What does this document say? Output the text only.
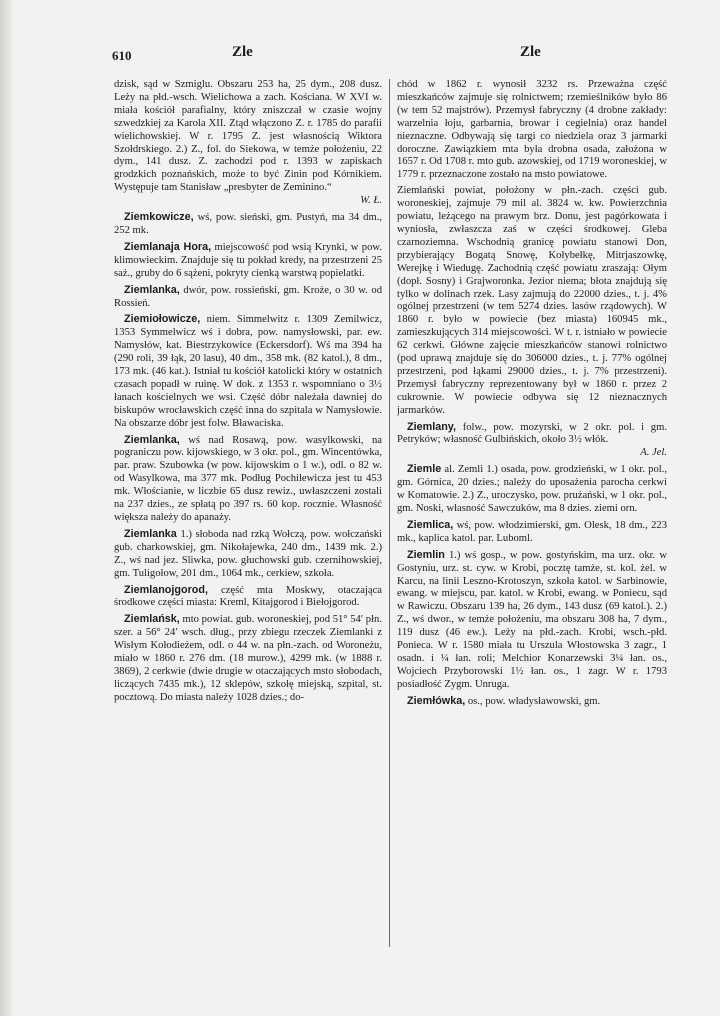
610	Zle	Zle

dzisk, sąd w Szmiglu. Obszaru 253 ha, 25 dym., 208 dusz. Leży na płd.-wsch. Wielichowa a zach. Kościana. W XVI w. miała kościół parafialny, który zniszczał w czasie wojny szwedzkiej za Karola XII. Ztąd włączono Z. r. 1785 do parafii wielichowskiej. W r. 1795 Z. jest własnością Wiktora Szołdrskiego. 2.) Z., fol. do Siekowa, w temże położeniu, 22 dym., 141 dusz. Z. zachodzi pod r. 1393 w zapiskach grodzkich poznańskich, może to być Zinin pod Kórnikiem. Występuje tam Stanisław „presbyter de Zeminino.“
W. Ł.

Ziemkowicze, wś, pow. sieński, gm. Pustyń, ma 34 dm., 252 mk.

Ziemlanaja Hora, miejscowość pod wsią Krynki, w pow. klimowieckim. Znajduje się tu pokład kredy, na przestrzeni 25 saż., gruby do 6 sążeni, pokryty cienką warstwą popielatki.

Ziemlanka, dwór, pow. rossieński, gm. Kroże, o 30 w. od Rossień.

Ziemiołowicze, niem. Simmelwitz r. 1309 Zemilwicz, 1353 Symmelwicz wś i dobra, pow. namysłowski, par. ew. Namysłów, kat. Biestrzykowice (Eckersdorf). Wś ma 394 ha (290 roli, 39 łąk, 20 lasu), 40 dm., 358 mk. (82 katol.), 8 dm., 173 mk. (46 kat.). Istniał tu kościół katolicki który w ostatnich czasach popadł w ruinę. W dok. z 1353 r. wspomniano o 3½ łanach kościelnych we wsi. Część dóbr należała dawniej do biskupów wrocławskich część inna do szpitala w Namysłowie. Na obszarze dóbr jest folw. Bławaciska.

Ziemlanka, wś nad Rosawą, pow. wasylkowski, na pograniczu pow. kijowskiego, w 3 okr. pol., gm. Wincentówka, par. praw. Szubowka (w pow. kijowskim o 1 w.), odl. o 82 w. od Wasylkowa, ma 377 mk. Podług Pochilewicza jest tu 453 mk. Włościanie, w liczbie 65 dusz rewiz., uwłaszczeni zostali na 237 dzies., ze spłatą po 397 rs. 60 kop. rocznie. Własność większa należy do apanaży.

Ziemlanka 1.) słoboda nad rzką Wołczą, pow. wołczański gub. charkowskiej, gm. Nikołajewka, 240 dm., 1439 mk. 2.) Z., wś nad jez. Sliwka, pow. głuchowski gub. czernihowskiej, gm. Tuligołow, 201 dm., 1064 mk., cerkiew, szkoła.

Ziemlanojgorod, część mta Moskwy, otaczająca środkowe części miasta: Kreml, Kitajgorod i Biełojgorod.

Ziemlańsk, mto powiat. gub. woroneskiej, pod 51° 54′ płn. szer. a 56° 24′ wsch. dług., przy zbiegu rzeczek Ziemlanki z Wisłym Kołodieżem, odl. o 44 w. na płn.-zach. od Woroneżu, miało w 1860 r. 276 dm. (18 murow.), 4299 mk. (w 1888 r. 3869), 2 cerkwie (dwie drugie w otaczających msto słobodach, liczących 7435 mk.), 12 sklepów, szkołę miejską, szpital, st. pocztową. Do miasta należy 1028 dzies.; do-

chód w 1862 r. wynosił 3232 rs. Przeważna część mieszkańców zajmuje się rolnictwem; rzemieślników było 86 (w tem 52 majstrów). Przemysł fabryczny (4 drobne zakłady: warzelnia łoju, garbarnia, browar i cegielnia) oraz handel nieznaczne. Odbywają się targi co niedziela oraz 3 jarmarki doroczne. Zawiązkiem mta była drobna osada, założona w 1657 r. Od 1708 r. mto gub. azowskiej, od 1719 woroneskiej, w 1779 r. przeznaczone zostało na msto powiatowe.

Ziemlański powiat, położony w płn.-zach. części gub. woroneskiej, zajmuje 79 mil al. 3824 w. kw. Powierzchnia powiatu, leżącego na prawym brz. Donu, jest pagórkowata i wyniosła, zwłaszcza zaś w części środkowej. Gleba czarnoziemna. Wschodnią granicę powiatu stanowi Don, przybierający Bogatą Snowę, Kołybełkę, Mitrjaszowkę, Werejkę i Wiedugę. Zachodnią część powiatu zraszają: Ołym (dopł. Sosny) i Grajworonka. Jezior niema; błota znajdują się tylko w dolinach rzek. Lasy zajmują do 22000 dzies., t. j. 4% ogólnej przestrzeni (w tem 5274 dzies. lasów rządowych). W 1860 r. było w powiecie (bez miasta) 160945 mk., zamieszkujących 314 miejscowości. W t. r. istniało w powiecie 62 cerkwi. Główne zajęcie mieszkańców stanowi rolnictwo (pod uprawą znajduje się do 306000 dzies., t. j. 77% ogólnej przestrzeni, pod łąkami 29000 dzies., t. j. 7% przestrzeni). Przemysł fabryczny reprezentowany był w 1860 r. przez 2 cukrownie. W powiecie odbywa się 12 nieznacznych jarmarków.

Ziemlany, folw., pow. mozyrski, w 2 okr. pol. i gm. Petryków; własność Gulbińskich, około 3½ włók.
A. Jel.

Ziemle al. Zemli 1.) osada, pow. grodzieński, w 1 okr. pol., gm. Górnica, 20 dzies.; należy do uposażenia parocha cerkwi w Komatowie. 2.) Z., uroczysko, pow. prużański, w 1 okr. pol., gm. Noski, własność Sawczuków, ma 8 dzies. ziemi orn.

Ziemlica, wś, pow. włodzimierski, gm. Olesk, 18 dm., 223 mk., kaplica katol. par. Luboml.

Ziemlin 1.) wś gosp., w pow. gostyńskim, ma urz. okr. w Gostyniu, urz. st. cyw. w Krobi, pocztę tamże, st. kol. żel. w Karcu, na linii Leszno-Krotoszyn, szkoła katol. w Sarbinowie, ewang. w miejscu, par. katol. w Krobi, ewang. w Poniecu, sąd w Rawiczu. Obszaru 139 ha, 26 dym., 143 dusz (69 katol.). 2.) Z., wś dwor., w temże położeniu, ma obszaru 308 ha, 7 dym., 119 dusz (46 ew.). Leży na płd.-zach. Krobi, wsch.-płd. Ponieca. W r. 1580 miała tu Urszula Włostowska 3 zagr., 1 osadn. i ¼ łan. roli; Melchior Konarzewski 3¼ łan. os., Wojciech Przyborowski 1½ łan. os., 1 zagr. W r. 1793 posiadłość Zygm. Unruga.

Ziemłówka, os., pow. władysławowski, gm.
